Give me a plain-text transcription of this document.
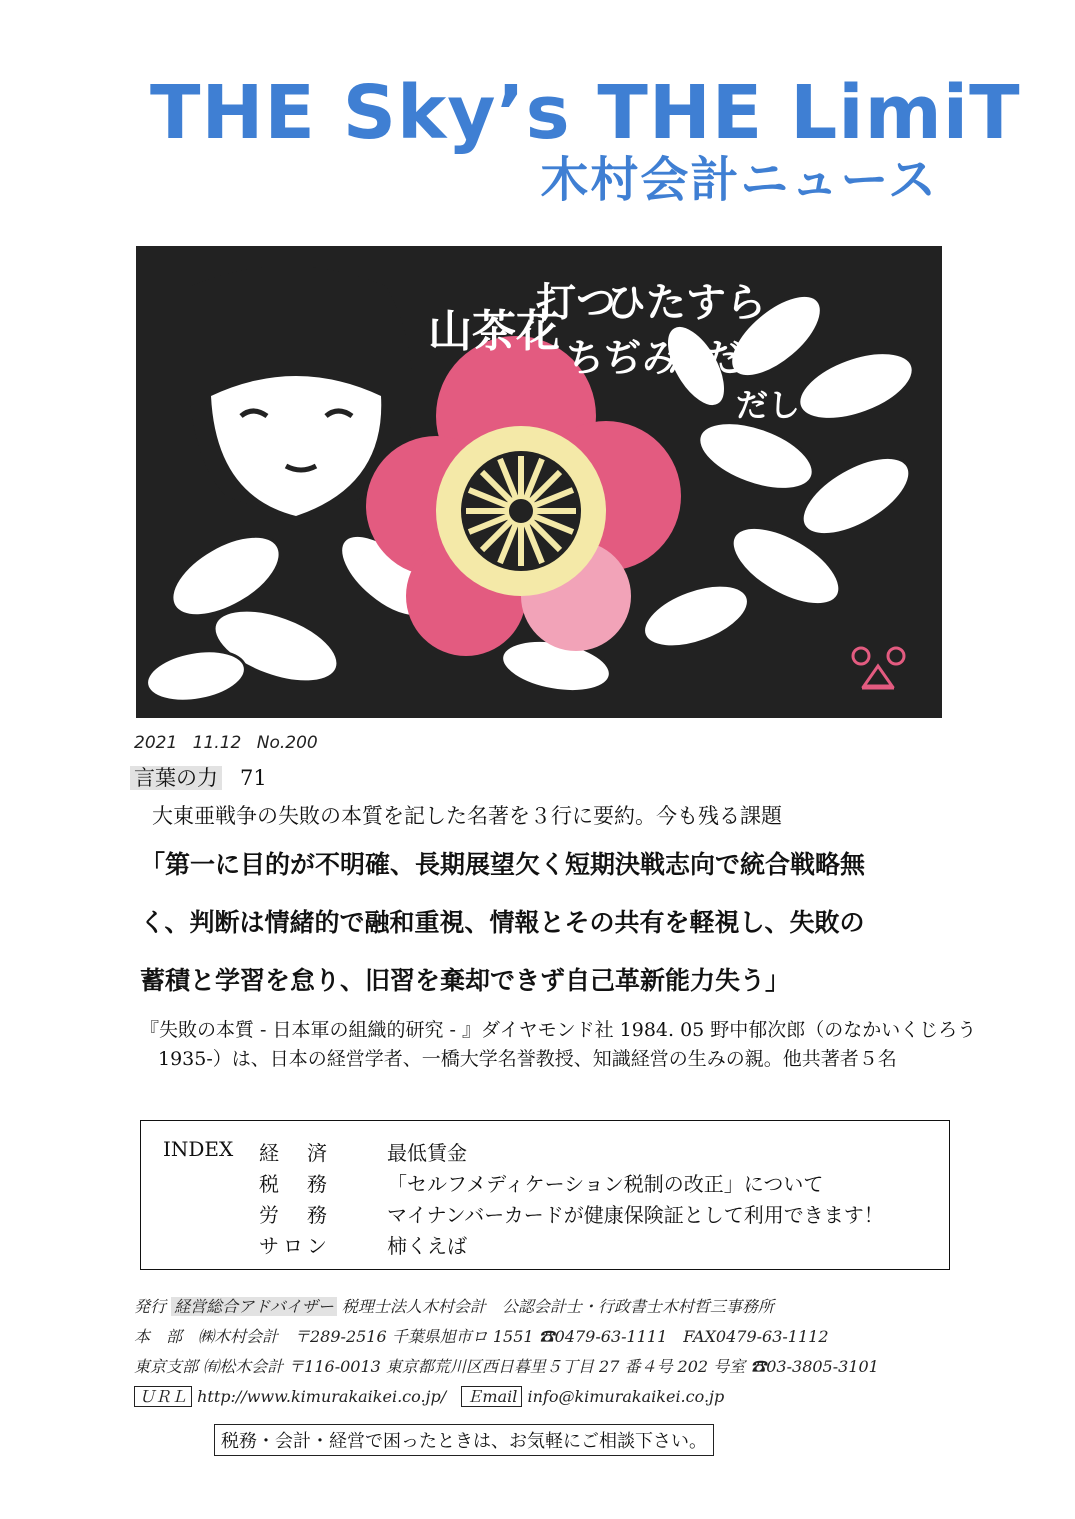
THE Sky’s THE LimiT
木村会計ニュース
山茶花
打つ
ひたすら
ちぢみ
ただ
だし
2021 11.12 No.200
言葉の力 71
大東亜戦争の失敗の本質を記した名著を３行に要約。今も残る課題
「第一に目的が不明確、長期展望欠く短期決戦志向で統合戦略無
く、判断は情緒的で融和重視、情報とその共有を軽視し、失敗の
蓄積と学習を怠り、旧習を棄却できず自己革新能力失う」
『失敗の本質 - 日本軍の組織的研究 - 』ダイヤモンド社 1984. 05 野中郁次郎（のなかいくじろう 1935-）は、日本の経営学者、一橋大学名誉教授、知識経営の生みの親。他共著者５名
INDEX 経　済	最低賃金
税　務	「セルフメディケーション税制の改正」について
労　務	マイナンバーカードが健康保険証として利用できます！
サロン	柿くえば
発行 経営総合アドバイザー 税理士法人木村会計　公認会計士・行政書士木村哲三事務所
本　部　㈱木村会計　〒289-2516 千葉県旭市ロ 1551 ☎0479-63-1111　FAX0479-63-1112
東京支部 ㈲松木会計 〒116-0013 東京都荒川区西日暮里５丁目 27 番４号 202 号室 ☎03-3805-3101
ＵＲＬ http://www.kimurakaikei.co.jp/ Ｅmail info@kimurakaikei.co.jp
税務・会計・経営で困ったときは、お気軽にご相談下さい。
